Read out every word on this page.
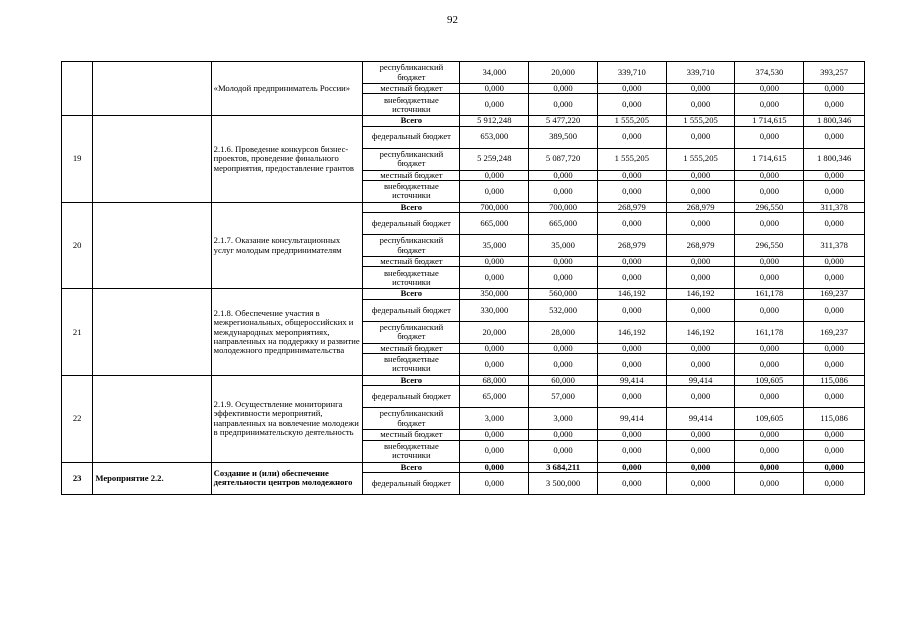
92
		«Молодой предприниматель России»	республиканский бюджет	34,000	20,000	339,710	339,710	374,530	393,257
			местный бюджет	0,000	0,000	0,000	0,000	0,000	0,000
			внебюджетные источники	0,000	0,000	0,000	0,000	0,000	0,000
19		2.1.6. Проведение конкурсов бизнес-проектов, проведение финального мероприятия, предоставление грантов	Всего	5 912,248	5 477,220	1 555,205	1 555,205	1 714,615	1 800,346
			федеральный бюджет	653,000	389,500	0,000	0,000	0,000	0,000
			республиканский бюджет	5 259,248	5 087,720	1 555,205	1 555,205	1 714,615	1 800,346
			местный бюджет	0,000	0,000	0,000	0,000	0,000	0,000
			внебюджетные источники	0,000	0,000	0,000	0,000	0,000	0,000
20		2.1.7. Оказание консультационных услуг молодым предпринимателям	Всего	700,000	700,000	268,979	268,979	296,550	311,378
			федеральный бюджет	665,000	665,000	0,000	0,000	0,000	0,000
			республиканский бюджет	35,000	35,000	268,979	268,979	296,550	311,378
			местный бюджет	0,000	0,000	0,000	0,000	0,000	0,000
			внебюджетные источники	0,000	0,000	0,000	0,000	0,000	0,000
21		2.1.8. Обеспечение участия в межрегиональных, общероссийских и международных мероприятиях, направленных на поддержку и развитие молодежного предпринимательства	Всего	350,000	560,000	146,192	146,192	161,178	169,237
			федеральный бюджет	330,000	532,000	0,000	0,000	0,000	0,000
			республиканский бюджет	20,000	28,000	146,192	146,192	161,178	169,237
			местный бюджет	0,000	0,000	0,000	0,000	0,000	0,000
			внебюджетные источники	0,000	0,000	0,000	0,000	0,000	0,000
22		2.1.9. Осуществление мониторинга эффективности мероприятий, направленных на вовлечение молодежи в предпринимательскую деятельность	Всего	68,000	60,000	99,414	99,414	109,605	115,086
			федеральный бюджет	65,000	57,000	0,000	0,000	0,000	0,000
			республиканский бюджет	3,000	3,000	99,414	99,414	109,605	115,086
			местный бюджет	0,000	0,000	0,000	0,000	0,000	0,000
			внебюджетные источники	0,000	0,000	0,000	0,000	0,000	0,000
23	Мероприятие 2.2.	Создание и (или) обеспечение деятельности центров молодежного	Всего	0,000	3 684,211	0,000	0,000	0,000	0,000
			федеральный бюджет	0,000	3 500,000	0,000	0,000	0,000	0,000
